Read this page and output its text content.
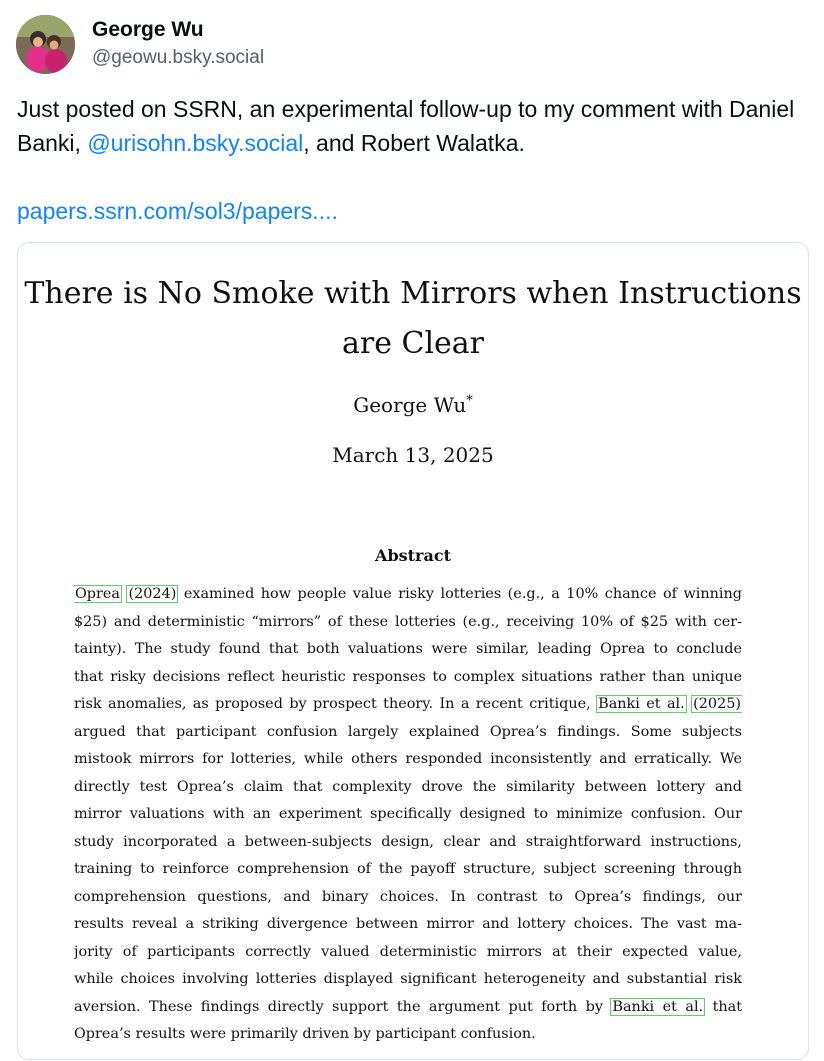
George Wu
@geowu.bsky.social
Just posted on SSRN, an experimental follow-up to my comment with Daniel Banki, @urisohn.bsky.social, and Robert Walatka.
papers.ssrn.com/sol3/papers....
There is No Smoke with Mirrors when Instructions are Clear
George Wu*
March 13, 2025
Abstract
Oprea (2024) examined how people value risky lotteries (e.g., a 10% chance of winning
$25) and deterministic “mirrors” of these lotteries (e.g., receiving 10% of $25 with cer-
tainty). The study found that both valuations were similar, leading Oprea to conclude
that risky decisions reflect heuristic responses to complex situations rather than unique
risk anomalies, as proposed by prospect theory. In a recent critique, Banki et al. (2025)
argued that participant confusion largely explained Oprea’s findings. Some subjects
mistook mirrors for lotteries, while others responded inconsistently and erratically. We
directly test Oprea’s claim that complexity drove the similarity between lottery and
mirror valuations with an experiment specifically designed to minimize confusion. Our
study incorporated a between-subjects design, clear and straightforward instructions,
training to reinforce comprehension of the payoff structure, subject screening through
comprehension questions, and binary choices. In contrast to Oprea’s findings, our
results reveal a striking divergence between mirror and lottery choices. The vast ma-
jority of participants correctly valued deterministic mirrors at their expected value,
while choices involving lotteries displayed significant heterogeneity and substantial risk
aversion. These findings directly support the argument put forth by Banki et al. that
Oprea’s results were primarily driven by participant confusion.
